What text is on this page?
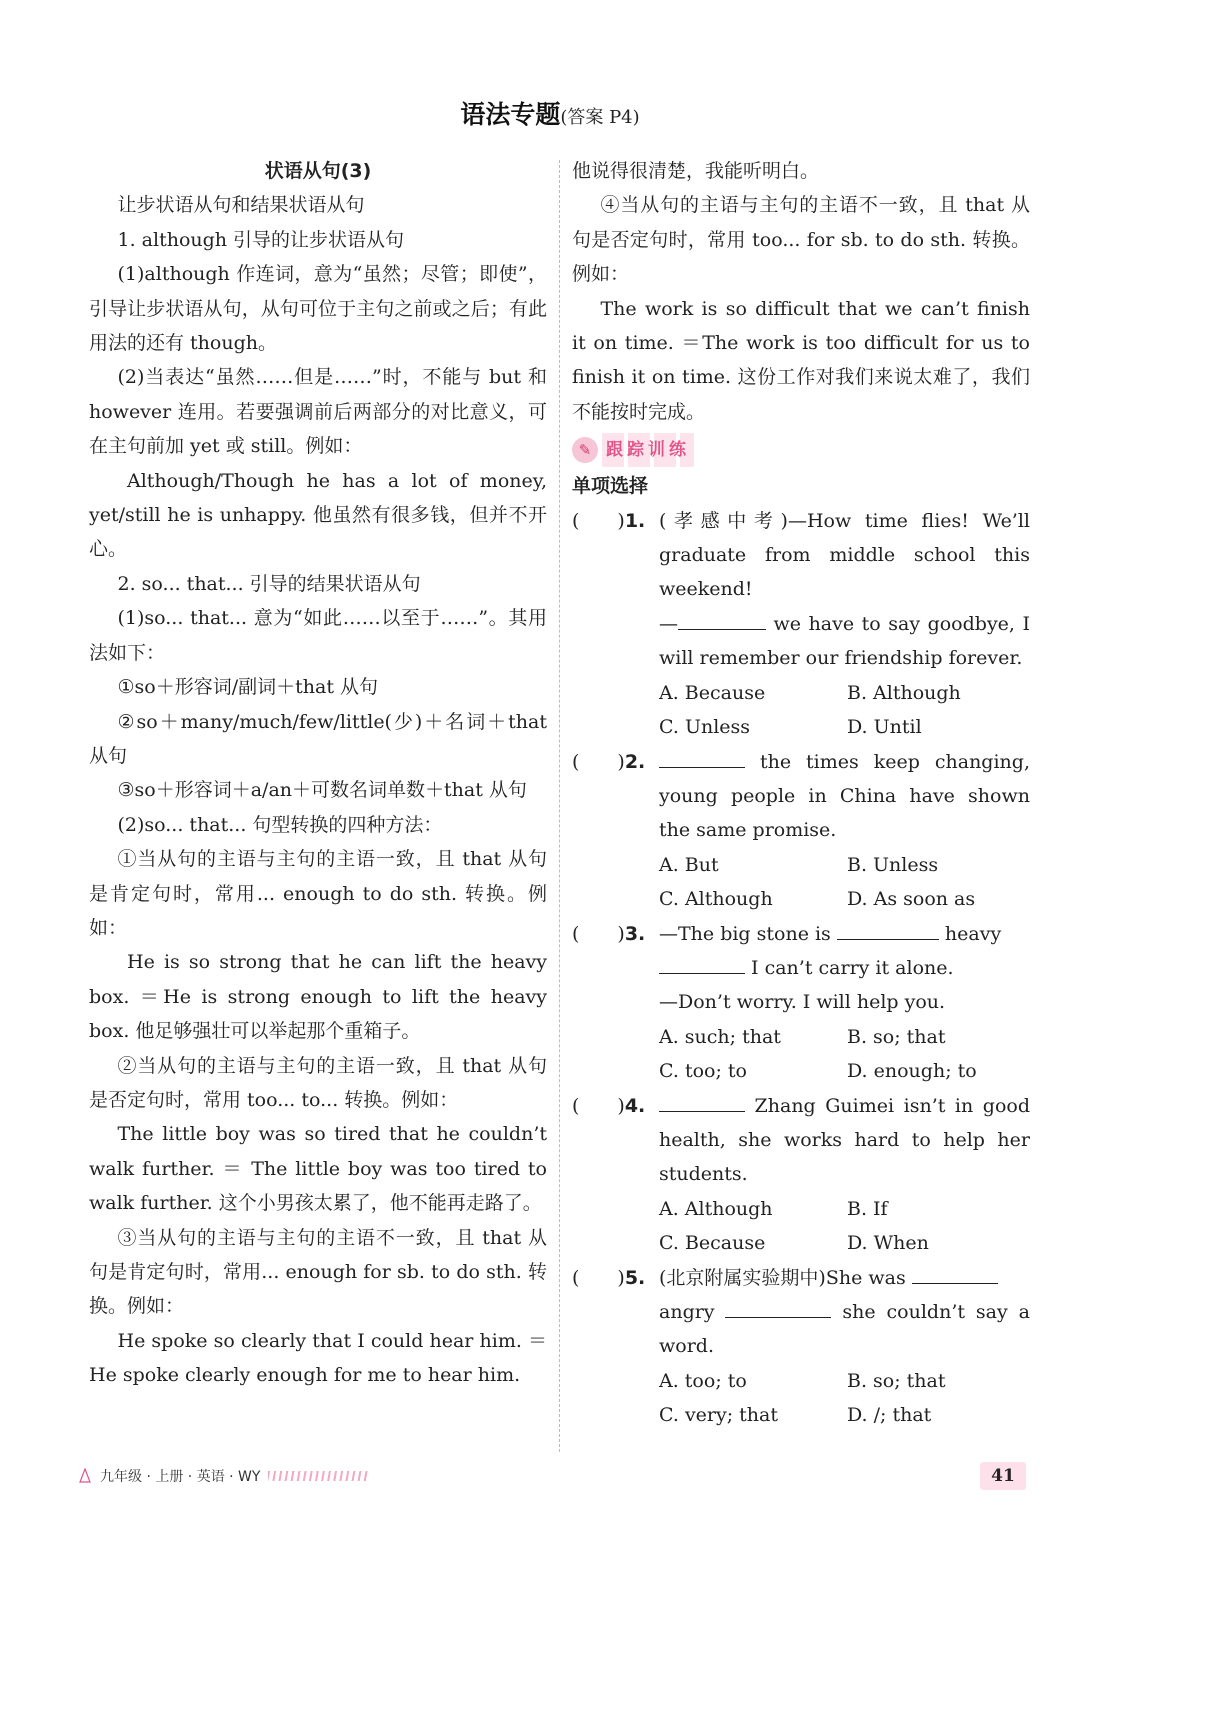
语法专题(答案 P4)

状语从句(3)

让步状语从句和结果状语从句

1. although 引导的让步状语从句

(1)although 作连词，意为“虽然；尽管；即使”，引导让步状语从句，从句可位于主句之前或之后；有此用法的还有 though。

(2)当表达“虽然……但是……”时，不能与 but 和 however 连用。若要强调前后两部分的对比意义，可在主句前加 yet 或 still。例如：

Although/Though he has a lot of money, yet/still he is unhappy. 他虽然有很多钱，但并不开心。

2. so... that... 引导的结果状语从句

(1)so... that... 意为“如此……以至于……”。其用法如下：

①so＋形容词/副词＋that 从句

②so＋many/much/few/little(少)＋名词＋that 从句

③so＋形容词＋a/an＋可数名词单数＋that 从句

(2)so... that... 句型转换的四种方法：

①当从句的主语与主句的主语一致，且 that 从句是肯定句时，常用... enough to do sth. 转换。例如：

He is so strong that he can lift the heavy box. ＝He is strong enough to lift the heavy box. 他足够强壮可以举起那个重箱子。

②当从句的主语与主句的主语一致，且 that 从句是否定句时，常用 too... to... 转换。例如：

The little boy was so tired that he couldn’t walk further. ＝ The little boy was too tired to walk further. 这个小男孩太累了，他不能再走路了。

③当从句的主语与主句的主语不一致，且 that 从句是肯定句时，常用... enough for sb. to do sth. 转换。例如：

He spoke so clearly that I could hear him. ＝He spoke clearly enough for me to hear him.

他说得很清楚，我能听明白。

④当从句的主语与主句的主语不一致，且 that 从句是否定句时，常用 too... for sb. to do sth. 转换。例如：

The work is so difficult that we can’t finish it on time. ＝The work is too difficult for us to finish it on time. 这份工作对我们来说太难了，我们不能按时完成。

✎ 跟踪训练

单项选择

(　　)1. (孝感中考)—How time flies! We’ll graduate from middle school this weekend!

—	we have to say goodbye, I will remember our friendship forever.

A. Because	B. Although
C. Unless	D. Until
(　　)2.	the times keep changing, young people in China have shown the same promise.

A. But	B. Unless
C. Although	D. As soon as
(　　)3. —The big stone is	heavy
I can’t carry it alone.

—Don’t worry. I will help you.

A. such; that	B. so; that
C. too; to	D. enough; to
(　　)4.	Zhang Guimei isn’t in good health, she works hard to help her students.

A. Although	B. If
C. Because	D. When
(　　)5. (北京附属实验期中)She was
angry	she couldn’t say a word.

A. too; to	B. so; that
C. very; that	D. /; that
九年级 · 上册 · 英语 · WY	41
